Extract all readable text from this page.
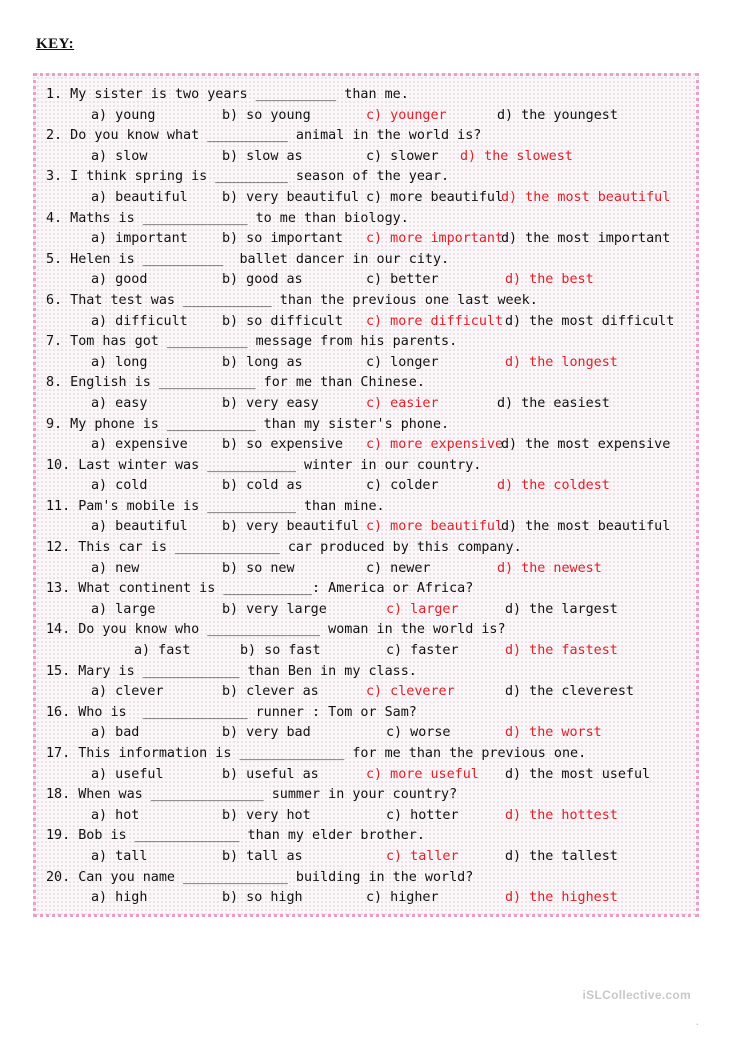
KEY:
1. My sister is two years __________ than me.
a) young	b) so young	c) younger	d) the youngest
2. Do you know what __________ animal in the world is?
a) slow	b) slow as	c) slower d) the slowest
3. I think spring is _________ season of the year.
a) beautiful	b) very beautiful c) more beautiful
d) the most beautiful
4. Maths is _____________ to me than biology.
a) important	b) so important c) more important
d) the most important
5. Helen is __________  ballet dancer in our city.
a) good	b) good as	c) better	d) the best
6. That test was ___________ than the previous one last week.
a) difficult	b) so difficult c) more difficult d) the most difficult
7. Tom has got __________ message from his parents.
a) long	b) long as	c) longer	d) the longest
8. English is ____________ for me than Chinese.
a) easy	b) very easy	c) easier	d) the easiest
9. My phone is ___________ than my sister's phone.
a) expensive	b) so expensive c) more expensive
d) the most expensive
10. Last winter was ___________ winter in our country.
a) cold	b) cold as	c) colder	d) the coldest
11. Pam's mobile is ___________ than mine.
a) beautiful	b) very beautiful c) more beautiful
d) the most beautiful
12. This car is _____________ car produced by this company.
a) new	b) so new	c) newer	d) the newest
13. What continent is ___________: America or Africa?
a) large	b) very large	c) larger	d) the largest
14. Do you know who ______________ woman in the world is?
a) fast	b) so fast	c) faster	d) the fastest
15. Mary is ____________ than Ben in my class.
a) clever	b) clever as	c) cleverer	d) the cleverest
16. Who is  _____________ runner : Tom or Sam?
a) bad	b) very bad	c) worse	d) the worst
17. This information is _____________ for me than the previous one.
a) useful	b) useful as	c) more useful d) the most useful
18. When was ______________ summer in your country?
a) hot	b) very hot	c) hotter	d) the hottest
19. Bob is _____________ than my elder brother.
a) tall	b) tall as	c) taller	d) the tallest
20. Can you name _____________ building in the world?
a) high	b) so high	c) higher	d) the highest
iSLCollective.com
·
